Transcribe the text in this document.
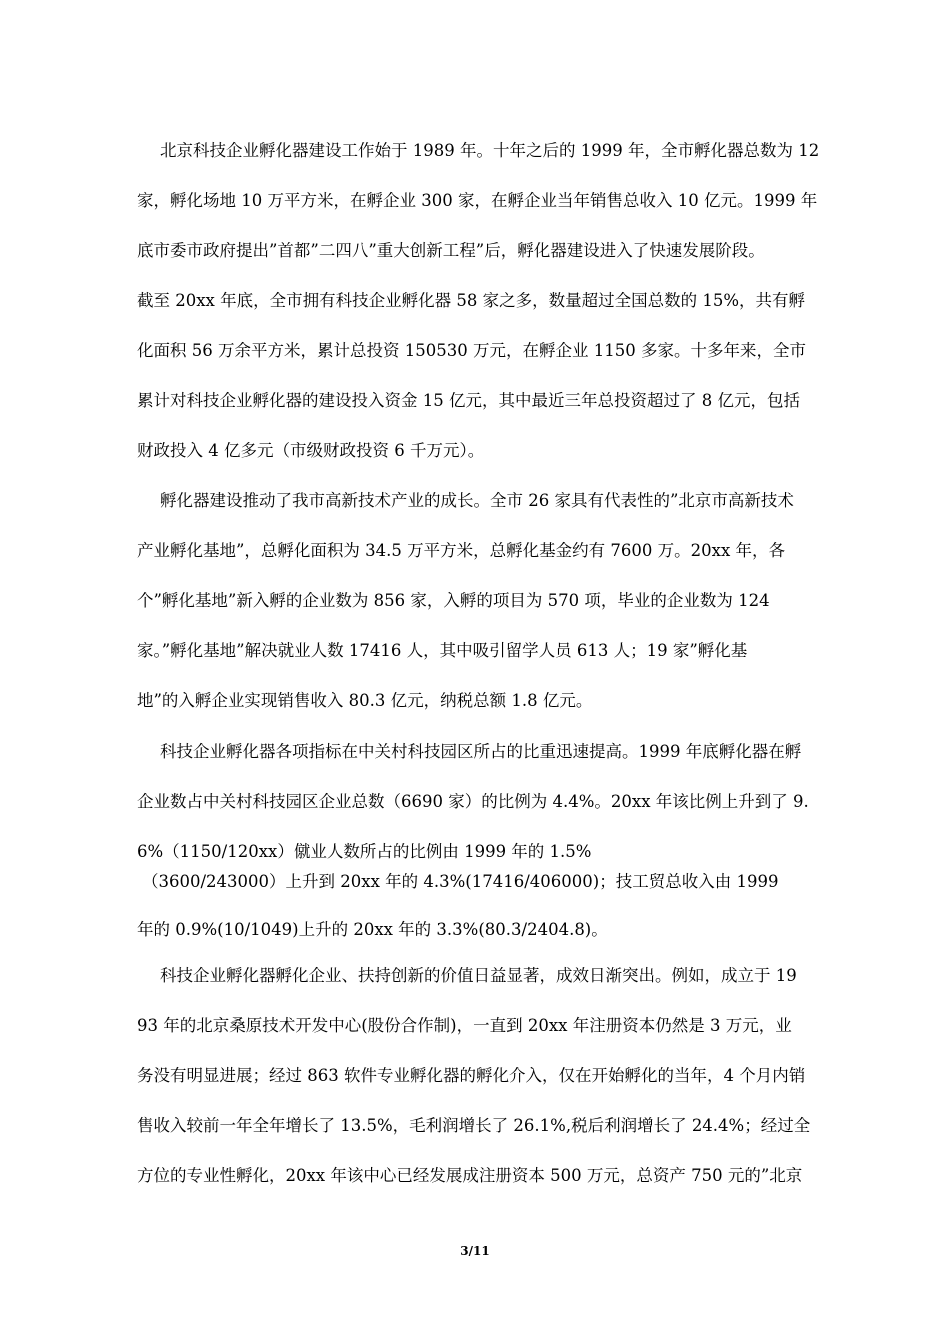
北京科技企业孵化器建设工作始于 1989 年。十年之后的 1999 年，全市孵化器总数为 12
家，孵化场地 10 万平方米，在孵企业 300 家，在孵企业当年销售总收入 10 亿元。1999 年
底市委市政府提出”首都”二四八”重大创新工程”后，孵化器建设进入了快速发展阶段。
截至 20xx 年底，全市拥有科技企业孵化器 58 家之多，数量超过全国总数的 15%，共有孵
化面积 56 万余平方米，累计总投资 150530 万元，在孵企业 1150 多家。十多年来，全市
累计对科技企业孵化器的建设投入资金 15 亿元，其中最近三年总投资超过了 8 亿元，包括
财政投入 4 亿多元（市级财政投资 6 千万元）。
孵化器建设推动了我市高新技术产业的成长。全市 26 家具有代表性的”北京市高新技术
产业孵化基地”，总孵化面积为 34.5 万平方米，总孵化基金约有 7600 万。20xx 年，各
个”孵化基地”新入孵的企业数为 856 家，入孵的项目为 570 项，毕业的企业数为 124
家。”孵化基地”解决就业人数 17416 人，其中吸引留学人员 613 人；19 家”孵化基
地”的入孵企业实现销售收入 80.3 亿元，纳税总额 1.8 亿元。
科技企业孵化器各项指标在中关村科技园区所占的比重迅速提高。1999 年底孵化器在孵
企业数占中关村科技园区企业总数（6690 家）的比例为 4.4%。20xx 年该比例上升到了 9.
6%（1150/120xx）僦业人数所占的比例由 1999 年的 1.5%
（3600/243000）上升到 20xx 年的 4.3%(17416/406000)；技工贸总收入由 1999
年的 0.9%(10/1049)上升的 20xx 年的 3.3%(80.3/2404.8)。
科技企业孵化器孵化企业、扶持创新的价值日益显著，成效日渐突出。例如，成立于 19
93 年的北京桑原技术开发中心(股份合作制)，一直到 20xx 年注册资本仍然是 3 万元，业
务没有明显进展；经过 863 软件专业孵化器的孵化介入，仅在开始孵化的当年，4 个月内销
售收入较前一年全年增长了 13.5%，毛利润增长了 26.1%,税后利润增长了 24.4%；经过全
方位的专业性孵化，20xx 年该中心已经发展成注册资本 500 万元，总资产 750 元的”北京
3/11
